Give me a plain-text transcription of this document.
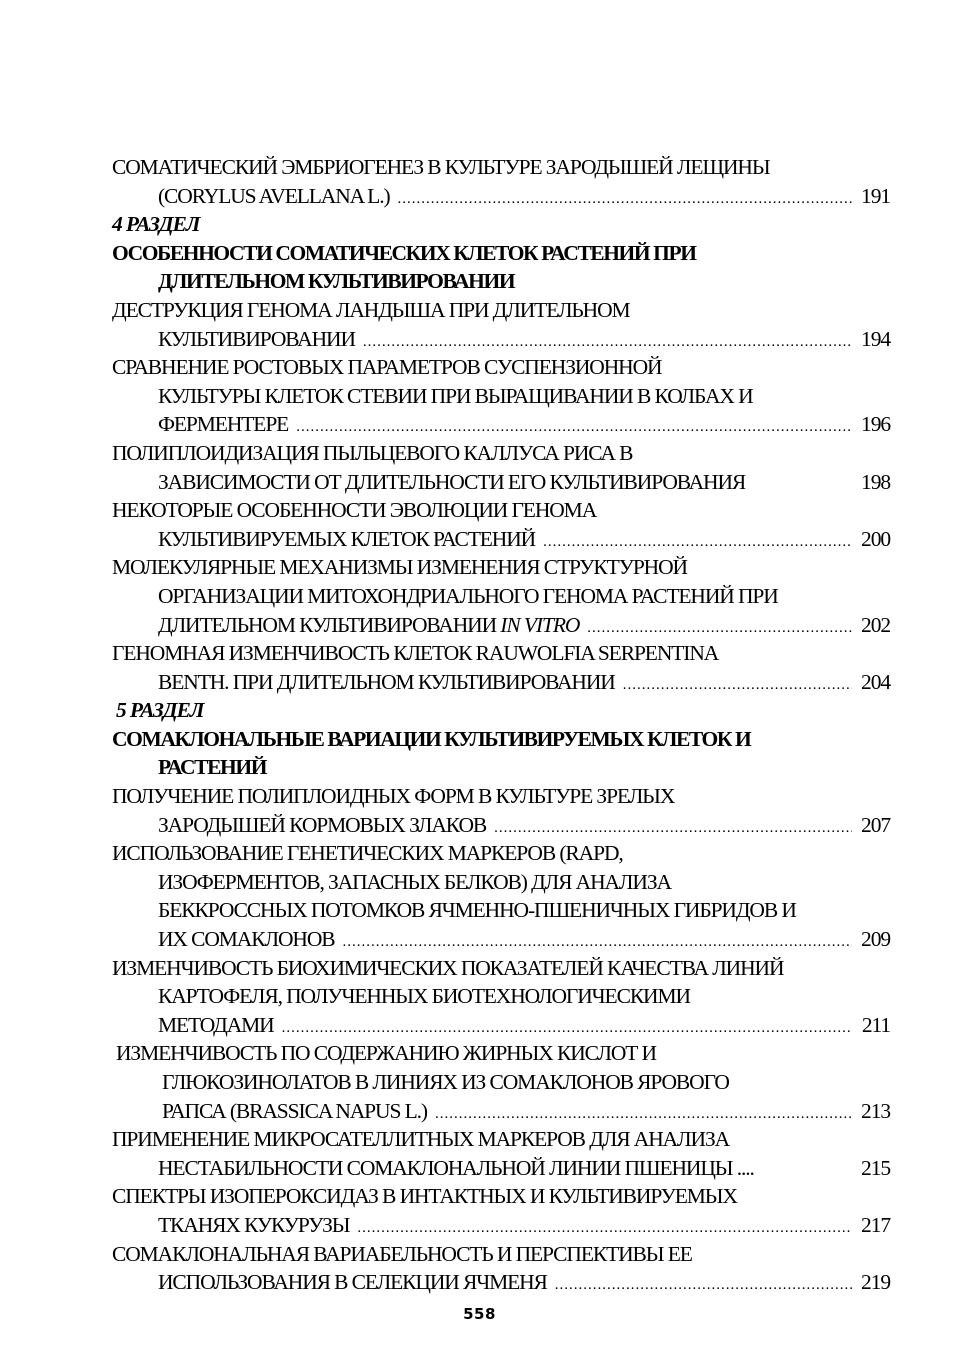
СОМАТИЧЕСКИЙ ЭМБРИОГЕНЕЗ В КУЛЬТУРЕ ЗАРОДЫШЕЙ ЛЕЩИНЫ
(CORYLUS AVELLANA L.) .....	191
4 РАЗДЕЛ
ОСОБЕННОСТИ СОМАТИЧЕСКИХ КЛЕТОК РАСТЕНИЙ ПРИ
ДЛИТЕЛЬНОМ КУЛЬТИВИРОВАНИИ
ДЕСТРУКЦИЯ ГЕНОМА ЛАНДЫША ПРИ ДЛИТЕЛЬНОМ
КУЛЬТИВИРОВАНИИ .....	194
СРАВНЕНИЕ РОСТОВЫХ ПАРАМЕТРОВ СУСПЕНЗИОННОЙ
КУЛЬТУРЫ КЛЕТОК СТЕВИИ ПРИ ВЫРАЩИВАНИИ В КОЛБАХ И
ФЕРМЕНТЕРЕ .....	196
ПОЛИПЛОИДИЗАЦИЯ ПЫЛЬЦЕВОГО КАЛЛУСА РИСА В
ЗАВИСИМОСТИ ОТ ДЛИТЕЛЬНОСТИ ЕГО КУЛЬТИВИРОВАНИЯ	198
НЕКОТОРЫЕ ОСОБЕННОСТИ ЭВОЛЮЦИИ ГЕНОМА
КУЛЬТИВИРУЕМЫХ КЛЕТОК РАСТЕНИЙ .....	200
МОЛЕКУЛЯРНЫЕ МЕХАНИЗМЫ ИЗМЕНЕНИЯ СТРУКТУРНОЙ
ОРГАНИЗАЦИИ МИТОХОНДРИАЛЬНОГО ГЕНОМА РАСТЕНИЙ ПРИ
ДЛИТЕЛЬНОМ КУЛЬТИВИРОВАНИИ IN VITRO .....	202
ГЕНОМНАЯ ИЗМЕНЧИВОСТЬ КЛЕТОК RAUWOLFIA SERPENTINA
BENTH. ПРИ ДЛИТЕЛЬНОМ КУЛЬТИВИРОВАНИИ .....	204
5 РАЗДЕЛ
СОМАКЛОНАЛЬНЫЕ ВАРИАЦИИ КУЛЬТИВИРУЕМЫХ КЛЕТОК И
РАСТЕНИЙ
ПОЛУЧЕНИЕ ПОЛИПЛОИДНЫХ ФОРМ В КУЛЬТУРЕ ЗРЕЛЫХ
ЗАРОДЫШЕЙ КОРМОВЫХ ЗЛАКОВ .....	207
ИСПОЛЬЗОВАНИЕ ГЕНЕТИЧЕСКИХ МАРКЕРОВ (RAPD,
ИЗОФЕРМЕНТОВ, ЗАПАСНЫХ БЕЛКОВ) ДЛЯ АНАЛИЗА
БЕККРОССНЫХ ПОТОМКОВ ЯЧМЕННО-ПШЕНИЧНЫХ ГИБРИДОВ И
ИХ СОМАКЛОНОВ .....	209
ИЗМЕНЧИВОСТЬ БИОХИМИЧЕСКИХ ПОКАЗАТЕЛЕЙ КАЧЕСТВА ЛИНИЙ
КАРТОФЕЛЯ, ПОЛУЧЕННЫХ БИОТЕХНОЛОГИЧЕСКИМИ
МЕТОДАМИ .....	211
ИЗМЕНЧИВОСТЬ ПО СОДЕРЖАНИЮ ЖИРНЫХ КИСЛОТ И
ГЛЮКОЗИНОЛАТОВ В ЛИНИЯХ ИЗ СОМАКЛОНОВ ЯРОВОГО
РАПСА (BRASSICA NAPUS L.) .....	213
ПРИМЕНЕНИЕ МИКРОСАТЕЛЛИТНЫХ МАРКЕРОВ ДЛЯ АНАЛИЗА
НЕСТАБИЛЬНОСТИ СОМАКЛОНАЛЬНОЙ ЛИНИИ ПШЕНИЦЫ ....	215
СПЕКТРЫ ИЗОПЕРОКСИДАЗ В ИНТАКТНЫХ И КУЛЬТИВИРУЕМЫХ
ТКАНЯХ КУКУРУЗЫ .....	217
СОМАКЛОНАЛЬНАЯ ВАРИАБЕЛЬНОСТЬ И ПЕРСПЕКТИВЫ ЕЕ
ИСПОЛЬЗОВАНИЯ В СЕЛЕКЦИИ ЯЧМЕНЯ .....	219
558
